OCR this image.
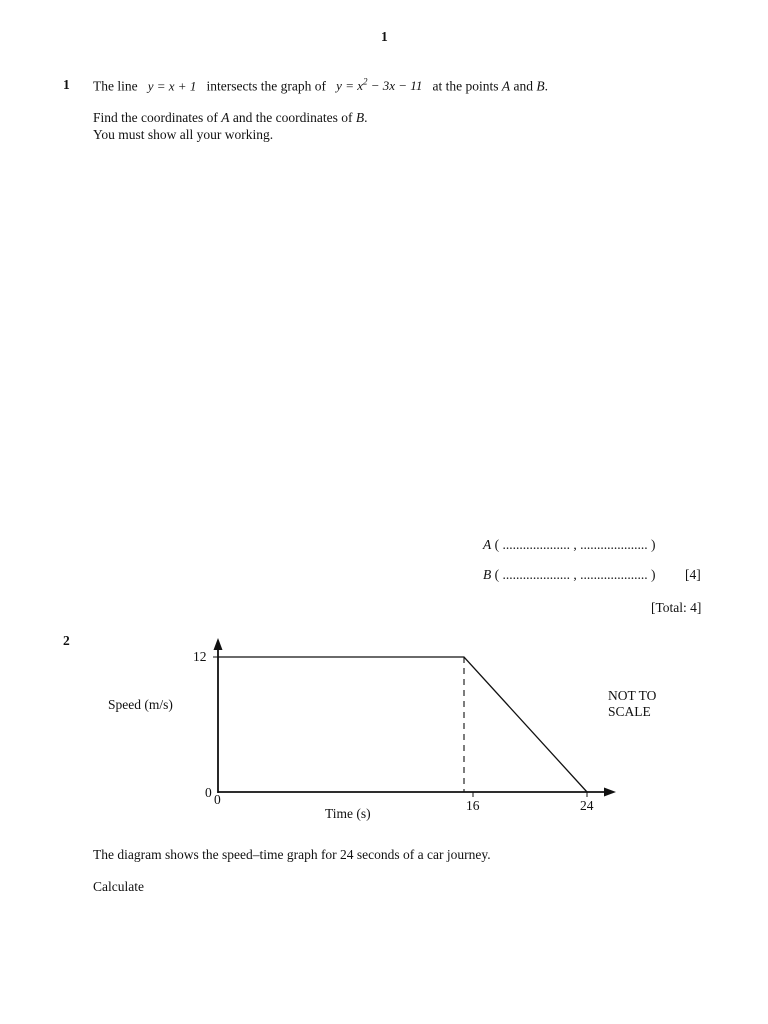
1
1 The line y = x + 1 intersects the graph of $y = x^2 - 3x - 11$ at the points A and B.
Find the coordinates of A and the coordinates of B.
You must show all your working.
A ( .................... , .................... )
B ( .................... , .................... ) [4]
[Total: 4]
2
Speed (m/s)
NOT TO
SCALE
12
0 0	16	24
Time (s)
The diagram shows the speed–time graph for 24 seconds of a car journey.
Calculate
